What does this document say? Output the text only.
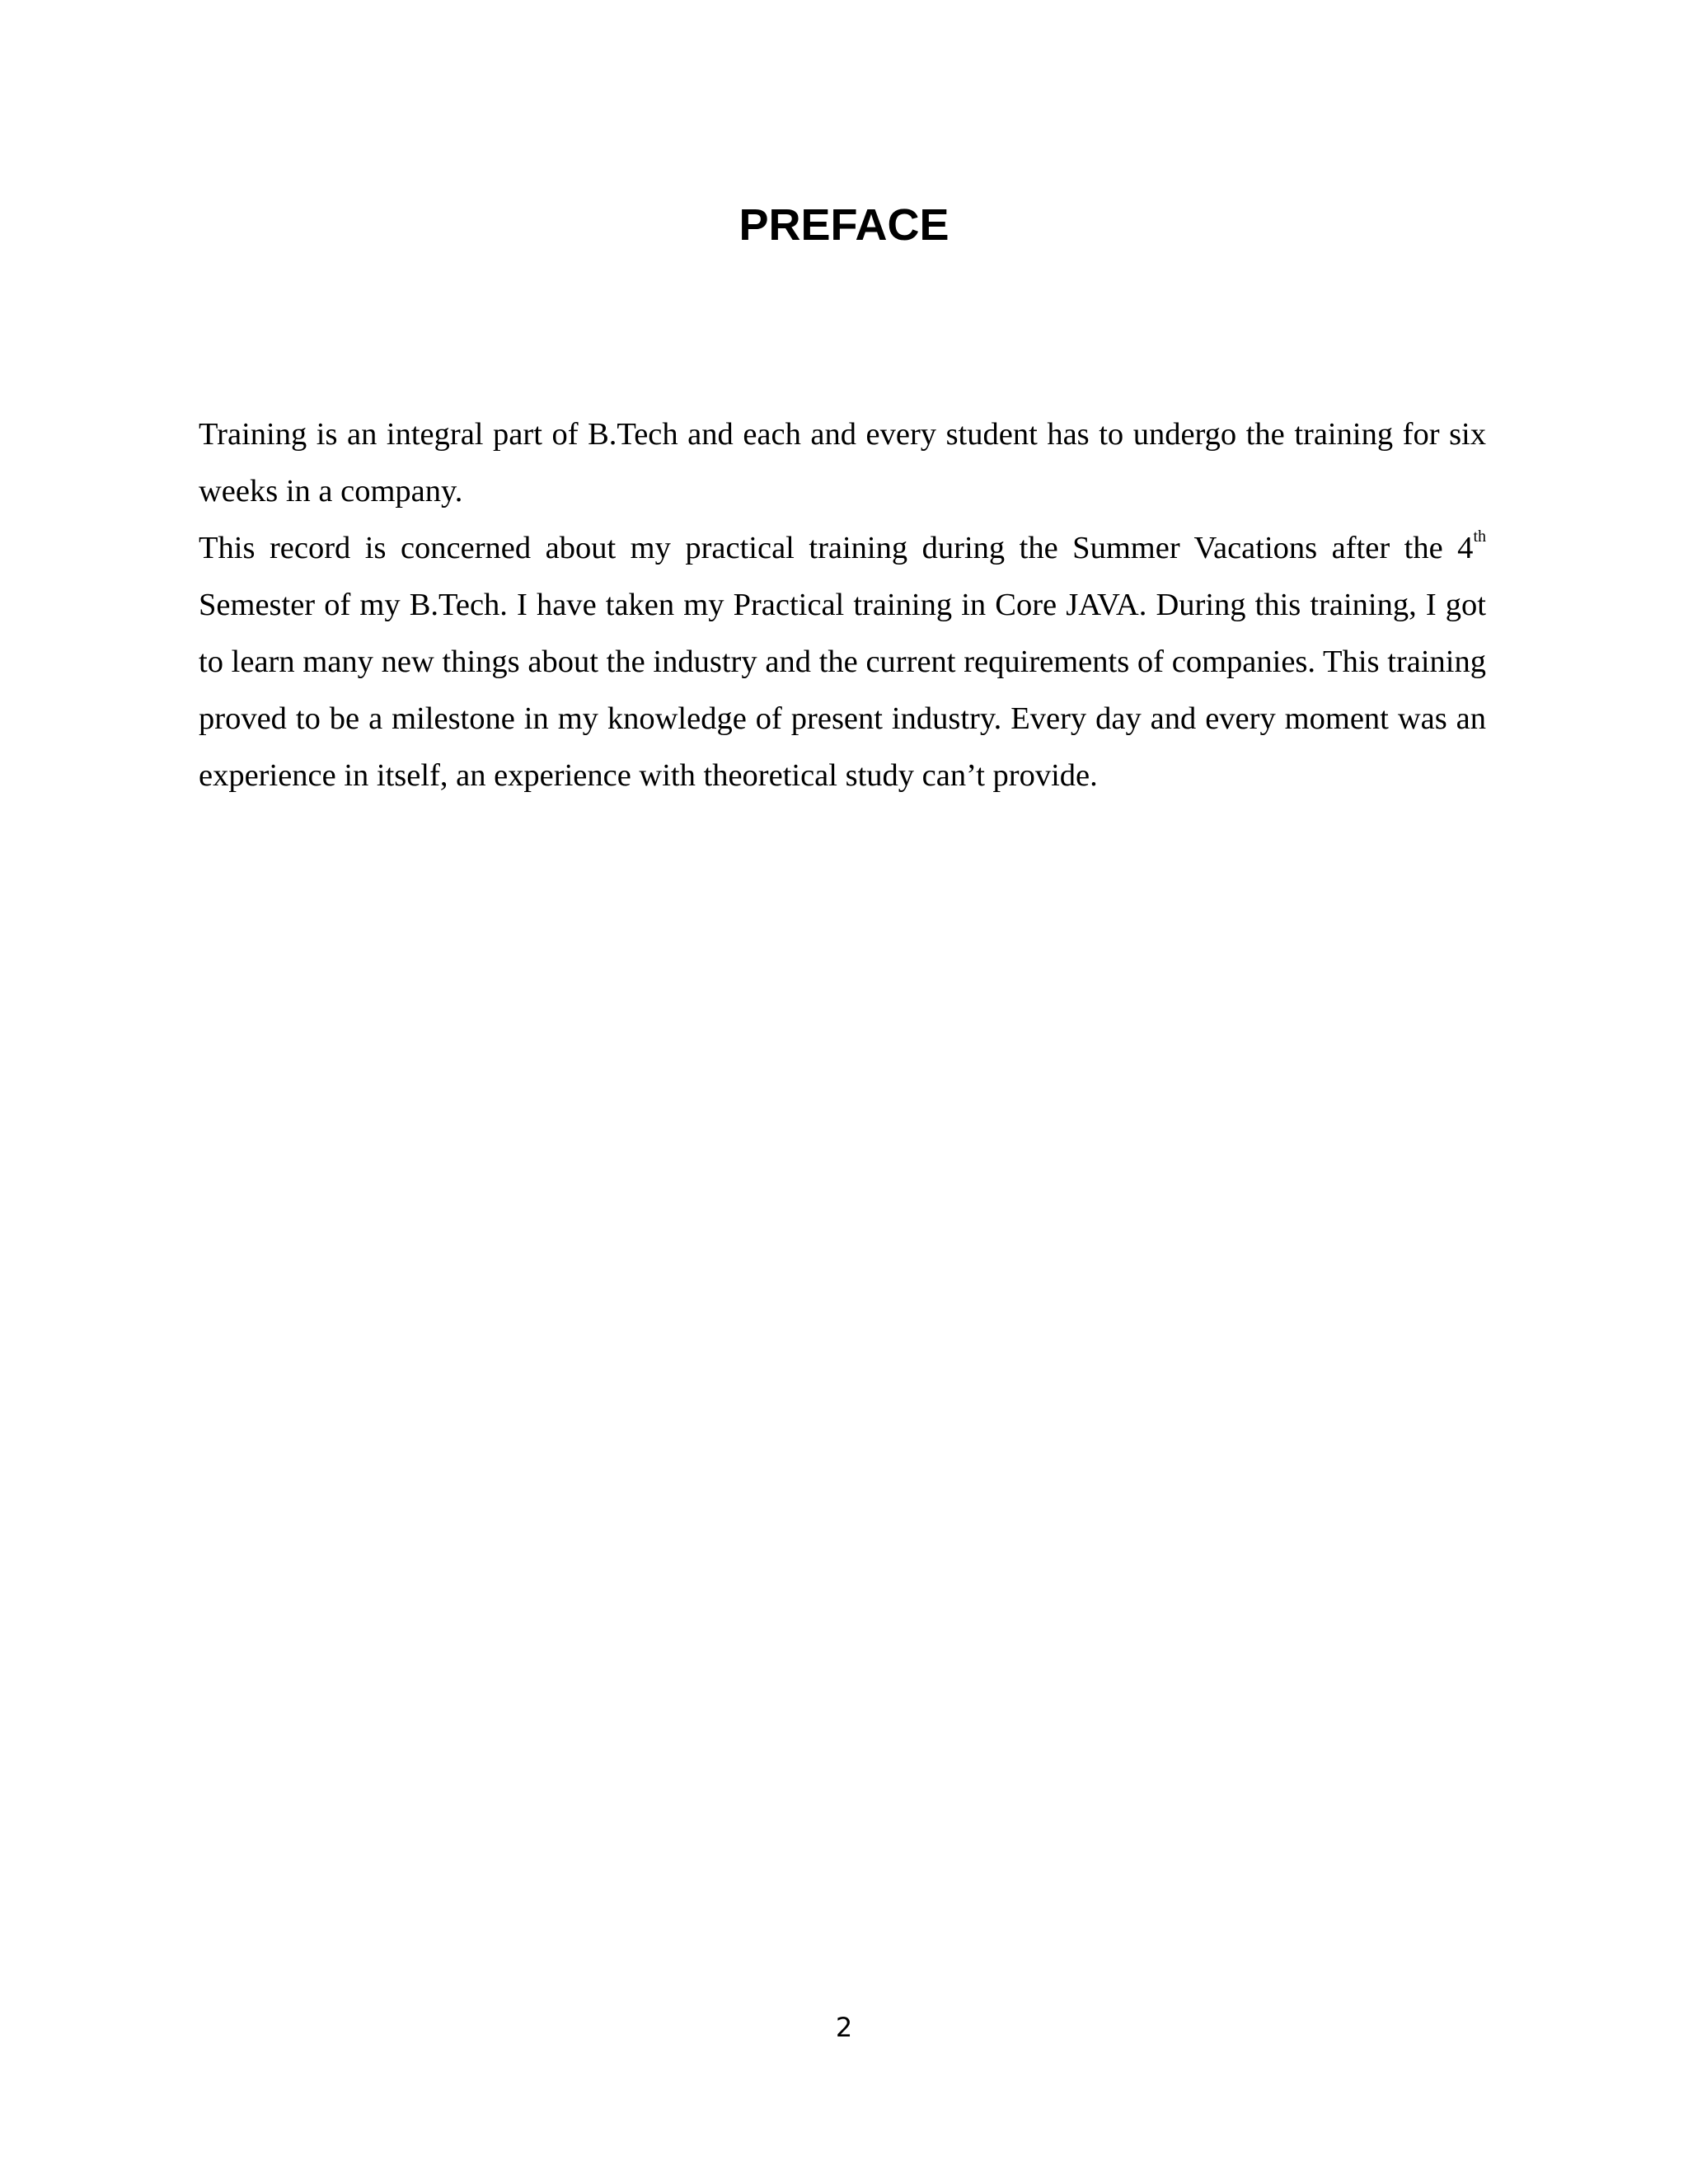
PREFACE

Training is an integral part of B.Tech and each and every student has to undergo the training for six weeks in a company.

This record is concerned about my practical training during the Summer Vacations after the 4th Semester of my B.Tech. I have taken my Practical training in Core JAVA. During this training, I got to learn many new things about the industry and the current requirements of companies. This training proved to be a milestone in my knowledge of present industry. Every day and every moment was an experience in itself, an experience with theoretical study can’t provide.

2
